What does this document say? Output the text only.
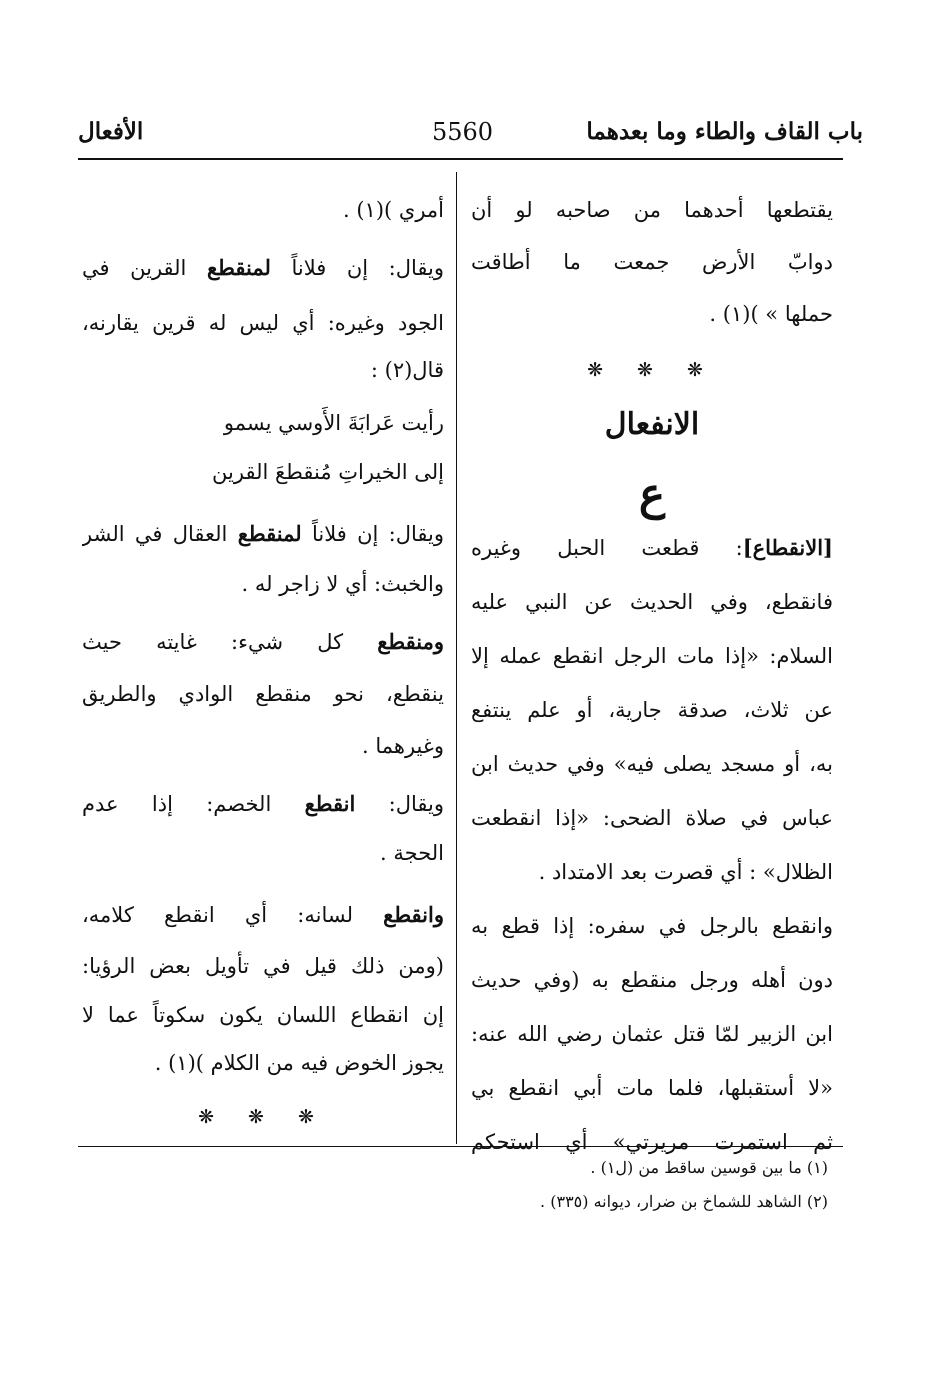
باب القاف والطاء وما بعدهما
5560
الأفعال
يقتطعها أحدهما من صاحبه لو أن
دوابّ الأرض جمعت ما أطاقت
حملها » )(١) .
❋ ❋ ❋
الانفعال
ع
[الانقطاع]: قطعت الحبل وغيره
فانقطع، وفي الحديث عن النبي عليه
السلام: «إذا مات الرجل انقطع عمله إلا
عن ثلاث، صدقة جارية، أو علم ينتفع
به، أو مسجد يصلى فيه» وفي حديث ابن
عباس في صلاة الضحى: «إذا انقطعت
الظلال» : أي قصرت بعد الامتداد .
وانقطع بالرجل في سفره: إذا قطع به
دون أهله ورجل منقطع به (وفي حديث
ابن الزبير لمّا قتل عثمان رضي الله عنه:
«لا أستقبلها، فلما مات أبي انقطع بي
ثم استمرت مريرتي» أي استحكم
أمري )(١) .
ويقال: إن فلاناً لمنقطع القرين في
الجود وغيره: أي ليس له قرين يقارنه،
قال(٢) :
رأيت عَرابَةَ الأَوسي يسمو
إلى الخيراتِ مُنقطعَ القرين
ويقال: إن فلاناً لمنقطع العقال في الشر
والخبث: أي لا زاجر له .
ومنقطع كل شيء: غايته حيث
ينقطع، نحو منقطع الوادي والطريق
وغيرهما .
ويقال: انقطع الخصم: إذا عدم
الحجة .
وانقطع لسانه: أي انقطع كلامه،
(ومن ذلك قيل في تأويل بعض الرؤيا:
إن انقطاع اللسان يكون سكوتاً عما لا
يجوز الخوض فيه من الكلام )(١) .
❋ ❋ ❋
(١) ما بين قوسين ساقط من (ل١) .
(٢) الشاهد للشماخ بن ضرار، ديوانه (٣٣٥) .
